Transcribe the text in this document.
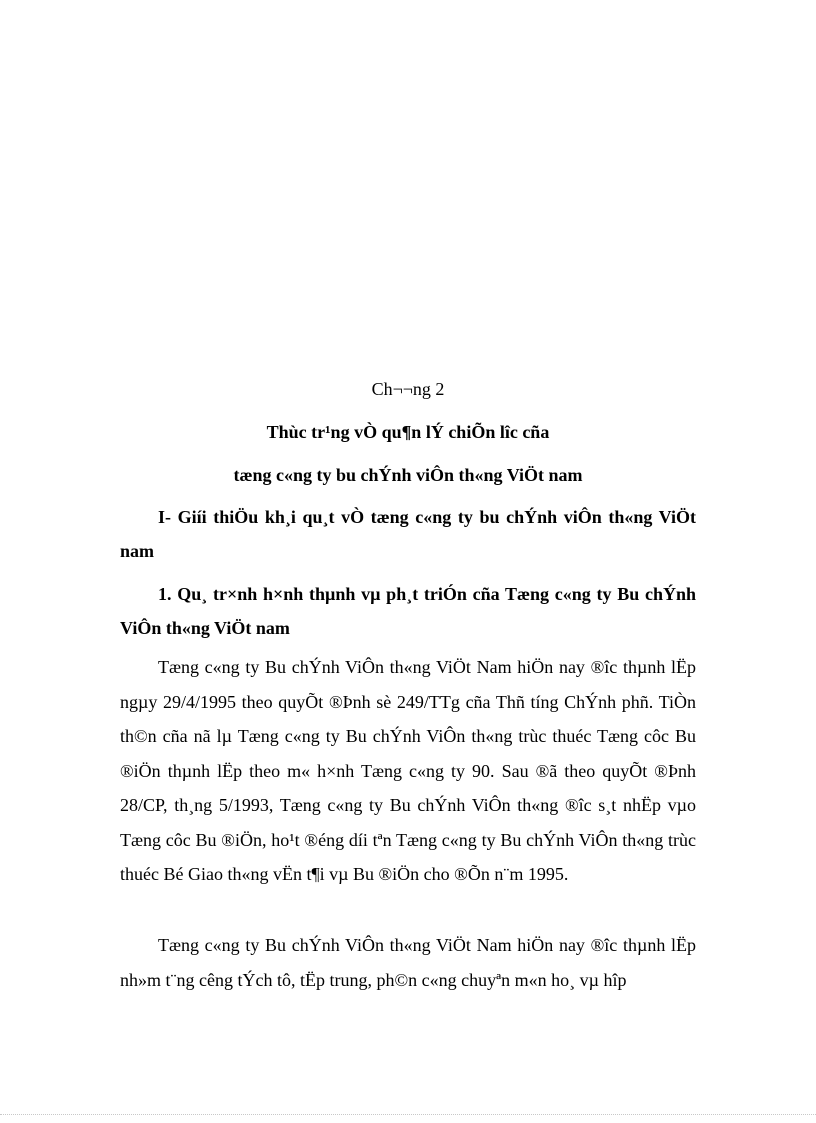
Ch¬¬ng 2
Thùc tr¹ng vÒ qu¶n lÝ chiÕn lîc cña
tæng c«ng ty bu chÝnh viÔn th«ng ViÖt nam
I- Giíi thiÖu kh¸i qu¸t vÒ tæng c«ng ty bu chÝnh viÔn th«ng ViÖt nam
1. Qu¸ tr×nh h×nh thµnh vµ ph¸t triÓn cña Tæng c«ng ty Bu chÝnh ViÔn th«ng ViÖt nam
Tæng c«ng ty Bu chÝnh ViÔn th«ng ViÖt Nam hiÖn nay ®îc thµnh lËp ngµy 29/4/1995 theo quyÕt ®Þnh sè 249/TTg cña Thñ tíng ChÝnh phñ. TiÒn th©n cña nã lµ Tæng c«ng ty Bu chÝnh ViÔn th«ng trùc thuéc Tæng côc Bu ®iÖn thµnh lËp theo m« h×nh Tæng c«ng ty 90. Sau ®ã theo quyÕt ®Þnh 28/CP, th¸ng 5/1993, Tæng c«ng ty Bu chÝnh ViÔn th«ng ®îc s¸t nhËp vµo Tæng côc Bu ®iÖn, ho¹t ®éng díi tªn Tæng c«ng ty Bu chÝnh ViÔn th«ng trùc thuéc Bé Giao th«ng vËn t¶i vµ Bu ®iÖn cho ®Õn n¨m 1995.
Tæng c«ng ty Bu chÝnh ViÔn th«ng ViÖt Nam hiÖn nay ®îc thµnh lËp nh»m t¨ng cêng tÝch tô, tËp trung, ph©n c«ng chuyªn m«n ho¸ vµ hîp
